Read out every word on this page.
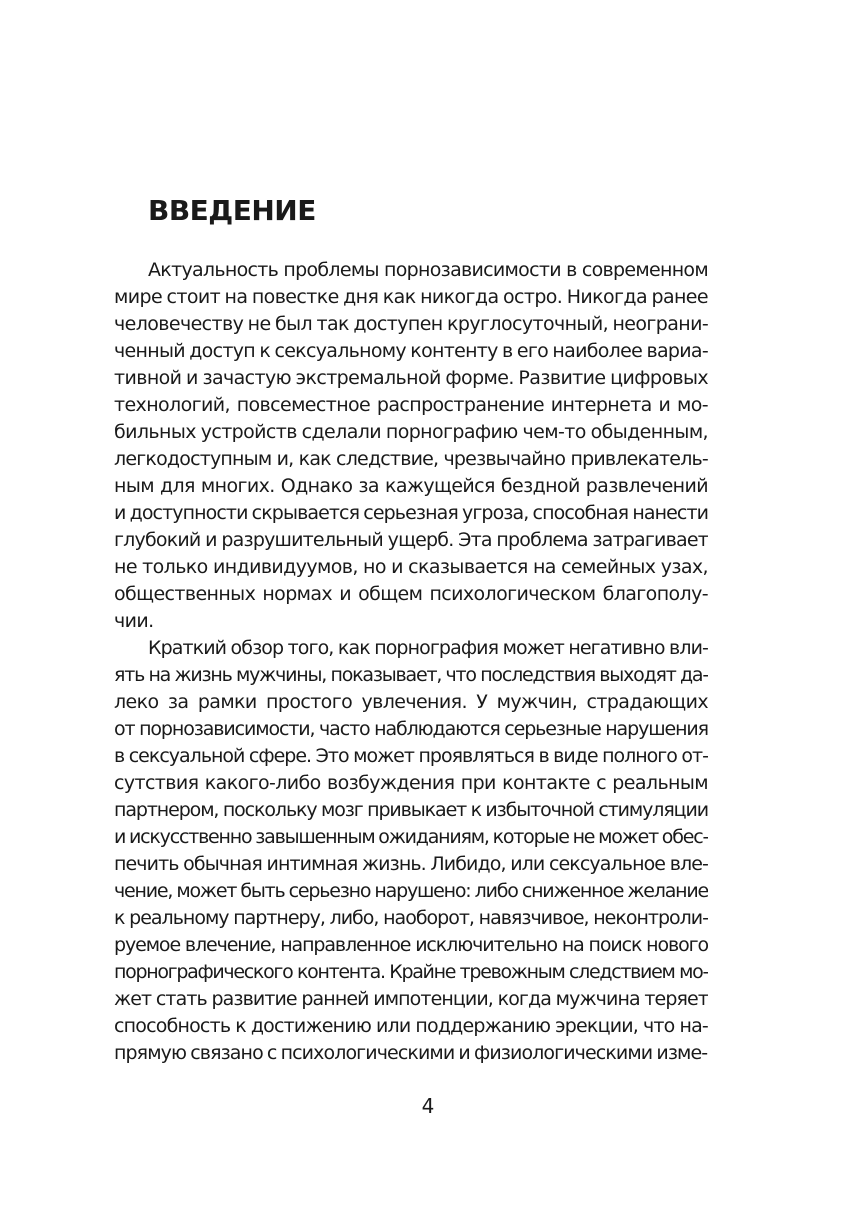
ВВЕДЕНИЕ
Актуальность проблемы порнозависимости в современном
мире стоит на повестке дня как никогда остро. Никогда ранее
человечеству не был так доступен круглосуточный, неограни-
ченный доступ к сексуальному контенту в его наиболее вариа-
тивной и зачастую экстремальной форме. Развитие цифровых
технологий, повсеместное распространение интернета и мо-
бильных устройств сделали порнографию чем-то обыденным,
легкодоступным и, как следствие, чрезвычайно привлекатель-
ным для многих. Однако за кажущейся бездной развлечений
и доступности скрывается серьезная угроза, способная нанести
глубокий и разрушительный ущерб. Эта проблема затрагивает
не только индивидуумов, но и сказывается на семейных узах,
общественных нормах и общем психологическом благополу-
чии.
Краткий обзор того, как порнография может негативно вли-
ять на жизнь мужчины, показывает, что последствия выходят да-
леко за рамки простого увлечения. У мужчин, страдающих
от порнозависимости, часто наблюдаются серьезные нарушения
в сексуальной сфере. Это может проявляться в виде полного от-
сутствия какого-либо возбуждения при контакте с реальным
партнером, поскольку мозг привыкает к избыточной стимуляции
и искусственно завышенным ожиданиям, которые не может обес-
печить обычная интимная жизнь. Либидо, или сексуальное вле-
чение, может быть серьезно нарушено: либо сниженное желание
к реальному партнеру, либо, наоборот, навязчивое, неконтроли-
руемое влечение, направленное исключительно на поиск нового
порнографического контента. Крайне тревожным следствием мо-
жет стать развитие ранней импотенции, когда мужчина теряет
способность к достижению или поддержанию эрекции, что на-
прямую связано с психологическими и физиологическими изме-
4
